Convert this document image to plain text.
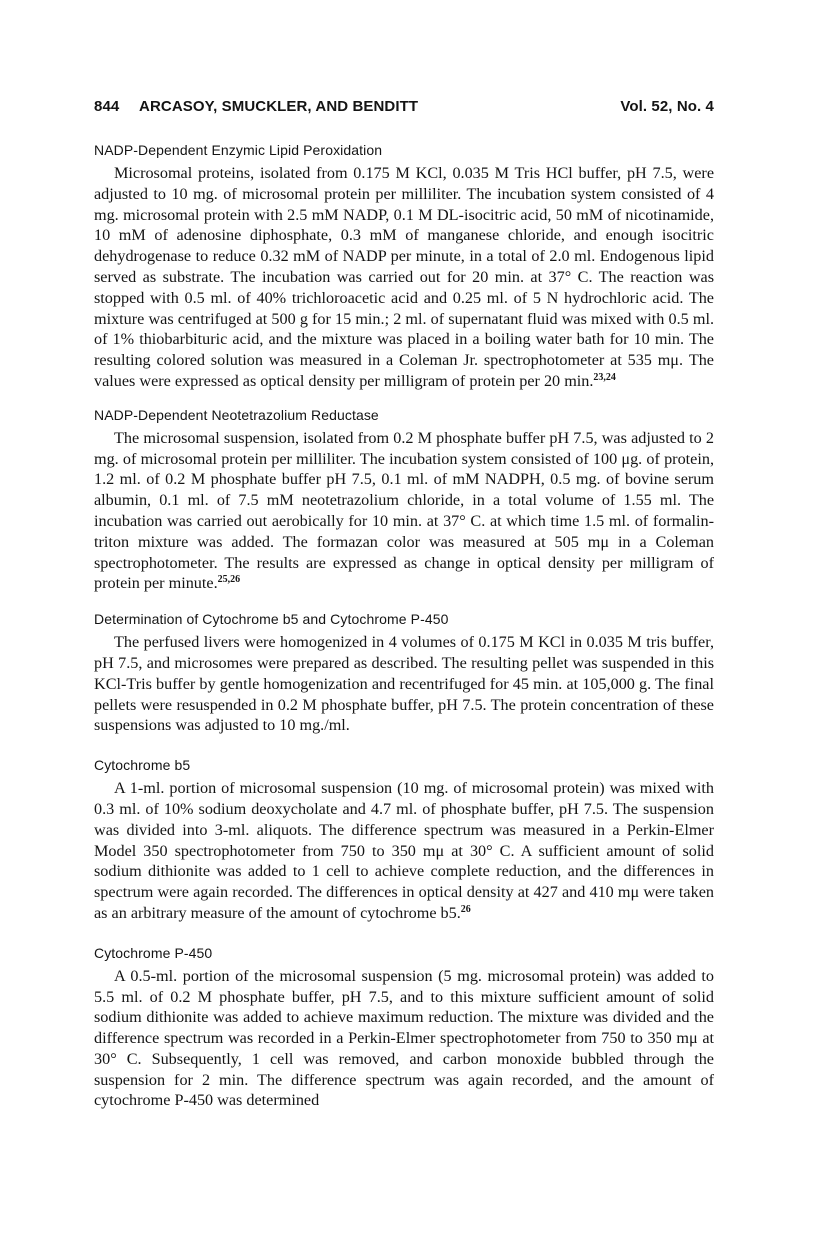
844 ARCASOY, SMUCKLER, AND BENDITT	Vol. 52, No. 4
NADP-Dependent Enzymic Lipid Peroxidation

Microsomal proteins, isolated from 0.175 M KCl, 0.035 M Tris HCl buffer, pH 7.5, were adjusted to 10 mg. of microsomal protein per milliliter. The incubation system consisted of 4 mg. microsomal protein with 2.5 mM NADP, 0.1 M DL-isocitric acid, 50 mM of nicotinamide, 10 mM of adenosine diphosphate, 0.3 mM of manganese chloride, and enough isocitric dehydrogenase to reduce 0.32 mM of NADP per minute, in a total of 2.0 ml. Endogenous lipid served as substrate. The incubation was carried out for 20 min. at 37° C. The reaction was stopped with 0.5 ml. of 40% trichloroacetic acid and 0.25 ml. of 5 N hydrochloric acid. The mixture was centrifuged at 500 g for 15 min.; 2 ml. of supernatant fluid was mixed with 0.5 ml. of 1% thiobarbituric acid, and the mixture was placed in a boiling water bath for 10 min. The resulting colored solution was measured in a Coleman Jr. spectrophotometer at 535 mμ. The values were expressed as optical density per milligram of protein per 20 min.$^{23,24}$

NADP-Dependent Neotetrazolium Reductase

The microsomal suspension, isolated from 0.2 M phosphate buffer pH 7.5, was adjusted to 2 mg. of microsomal protein per milliliter. The incubation system consisted of 100 μg. of protein, 1.2 ml. of 0.2 M phosphate buffer pH 7.5, 0.1 ml. of mM NADPH, 0.5 mg. of bovine serum albumin, 0.1 ml. of 7.5 mM neotetrazolium chloride, in a total volume of 1.55 ml. The incubation was carried out aerobically for 10 min. at 37° C. at which time 1.5 ml. of formalin-triton mixture was added. The formazan color was measured at 505 mμ in a Coleman spectrophotometer. The results are expressed as change in optical density per milligram of protein per minute.$^{25,26}$

Determination of Cytochrome b5 and Cytochrome P-450

The perfused livers were homogenized in 4 volumes of 0.175 M KCl in 0.035 M tris buffer, pH 7.5, and microsomes were prepared as described. The resulting pellet was suspended in this KCl-Tris buffer by gentle homogenization and recentrifuged for 45 min. at 105,000 g. The final pellets were resuspended in 0.2 M phosphate buffer, pH 7.5. The protein concentration of these suspensions was adjusted to 10 mg./ml.

Cytochrome b5

A 1-ml. portion of microsomal suspension (10 mg. of microsomal protein) was mixed with 0.3 ml. of 10% sodium deoxycholate and 4.7 ml. of phosphate buffer, pH 7.5. The suspension was divided into 3-ml. aliquots. The difference spectrum was measured in a Perkin-Elmer Model 350 spectrophotometer from 750 to 350 mμ at 30° C. A sufficient amount of solid sodium dithionite was added to 1 cell to achieve complete reduction, and the differences in spectrum were again recorded. The differences in optical density at 427 and 410 mμ were taken as an arbitrary measure of the amount of cytochrome b5.26

Cytochrome P-450

A 0.5-ml. portion of the microsomal suspension (5 mg. microsomal protein) was added to 5.5 ml. of 0.2 M phosphate buffer, pH 7.5, and to this mixture sufficient amount of solid sodium dithionite was added to achieve maximum reduction. The mixture was divided and the difference spectrum was recorded in a Perkin-Elmer spectrophotometer from 750 to 350 mμ at 30° C. Subsequently, 1 cell was removed, and carbon monoxide bubbled through the suspension for 2 min. The difference spectrum was again recorded, and the amount of cytochrome P-450 was determined
